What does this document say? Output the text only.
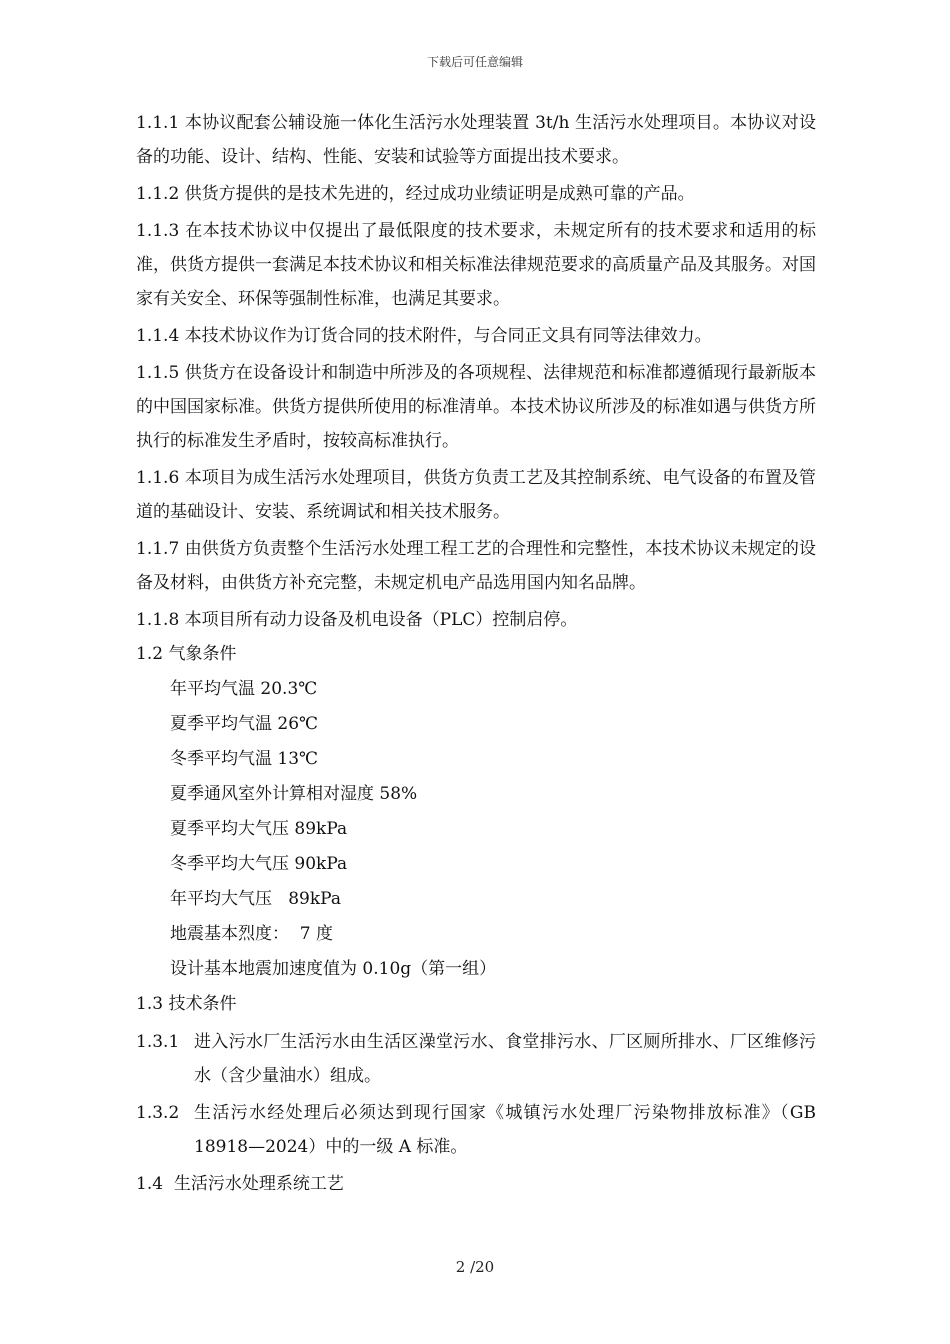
下载后可任意编辑

1.1.1 本协议配套公辅设施一体化生活污水处理装置 3t/h 生活污水处理项目。本协议对设备的功能、设计、结构、性能、安装和试验等方面提出技术要求。

1.1.2 供货方提供的是技术先进的，经过成功业绩证明是成熟可靠的产品。

1.1.3 在本技术协议中仅提出了最低限度的技术要求，未规定所有的技术要求和适用的标准，供货方提供一套满足本技术协议和相关标准法律规范要求的高质量产品及其服务。对国家有关安全、环保等强制性标准，也满足其要求。

1.1.4 本技术协议作为订货合同的技术附件，与合同正文具有同等法律效力。

1.1.5 供货方在设备设计和制造中所涉及的各项规程、法律规范和标准都遵循现行最新版本的中国国家标准。供货方提供所使用的标准清单。本技术协议所涉及的标准如遇与供货方所执行的标准发生矛盾时，按较高标准执行。

1.1.6 本项目为成生活污水处理项目，供货方负责工艺及其控制系统、电气设备的布置及管道的基础设计、安装、系统调试和相关技术服务。

1.1.7 由供货方负责整个生活污水处理工程工艺的合理性和完整性，本技术协议未规定的设备及材料，由供货方补充完整，未规定机电产品选用国内知名品牌。

1.1.8 本项目所有动力设备及机电设备（PLC）控制启停。

1.2 气象条件

年平均气温 20.3℃

夏季平均气温 26℃

冬季平均气温 13℃

夏季通风室外计算相对湿度 58%

夏季平均大气压 89kPa

冬季平均大气压 90kPa

年平均大气压   89kPa

地震基本烈度：  7 度

设计基本地震加速度值为 0.10g（第一组）

1.3 技术条件

1.3.1 进入污水厂生活污水由生活区澡堂污水、食堂排污水、厂区厕所排水、厂区维修污水（含少量油水）组成。
1.3.2 生活污水经处理后必须达到现行国家《城镇污水处理厂污染物排放标准》（GB 18918—2024）中的一级 A 标准。

1.4  生活污水处理系统工艺

2 /20
